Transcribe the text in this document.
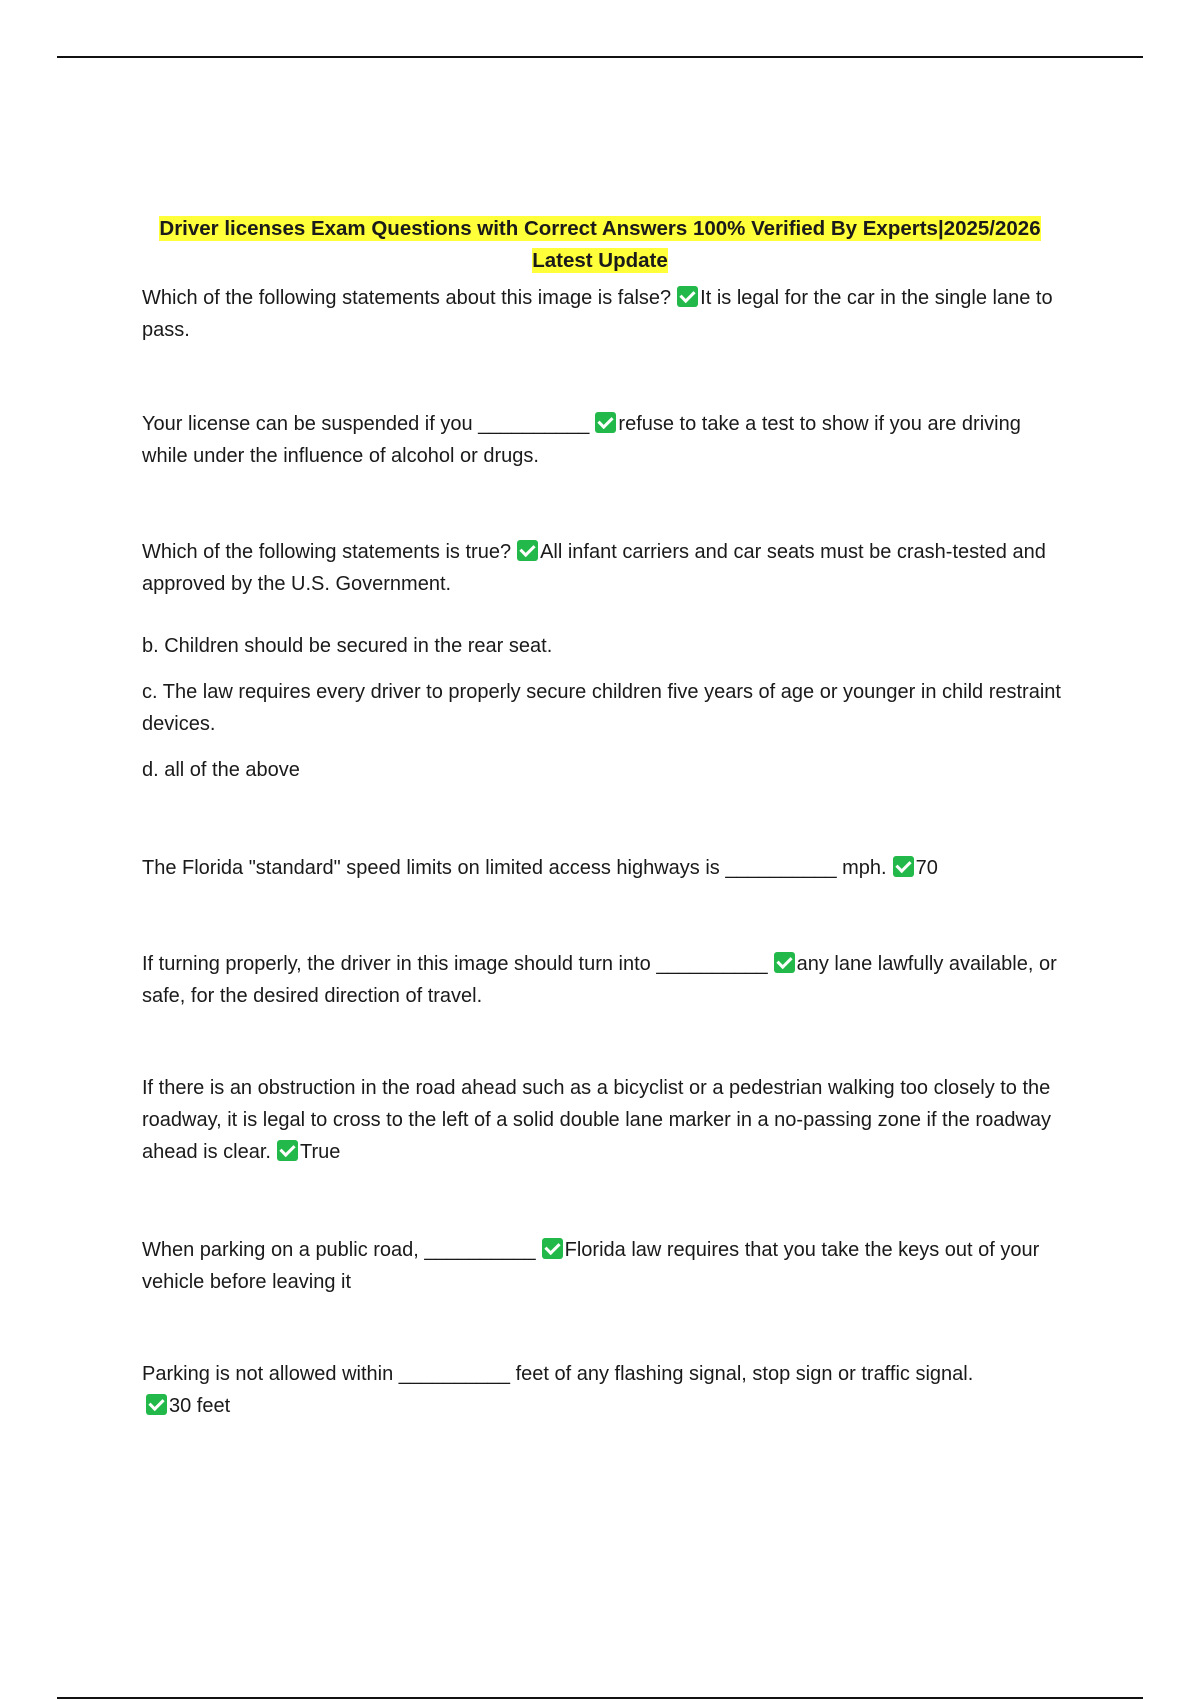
Driver licenses Exam Questions with Correct Answers 100% Verified By Experts|2025/2026
Latest Update

Which of the following statements about this image is false? It is legal for the car in the single lane to pass.

Your license can be suspended if you __________ refuse to take a test to show if you are driving while under the influence of alcohol or drugs.

Which of the following statements is true? All infant carriers and car seats must be crash-tested and approved by the U.S. Government.

b. Children should be secured in the rear seat.

c. The law requires every driver to properly secure children five years of age or younger in child restraint devices.

d. all of the above

The Florida "standard" speed limits on limited access highways is __________ mph. 70

If turning properly, the driver in this image should turn into __________ any lane lawfully available, or safe, for the desired direction of travel.

If there is an obstruction in the road ahead such as a bicyclist or a pedestrian walking too closely to the roadway, it is legal to cross to the left of a solid double lane marker in a no-passing zone if the roadway ahead is clear. True

When parking on a public road, __________ Florida law requires that you take the keys out of your vehicle before leaving it

Parking is not allowed within __________ feet of any flashing signal, stop sign or traffic signal.
30 feet
